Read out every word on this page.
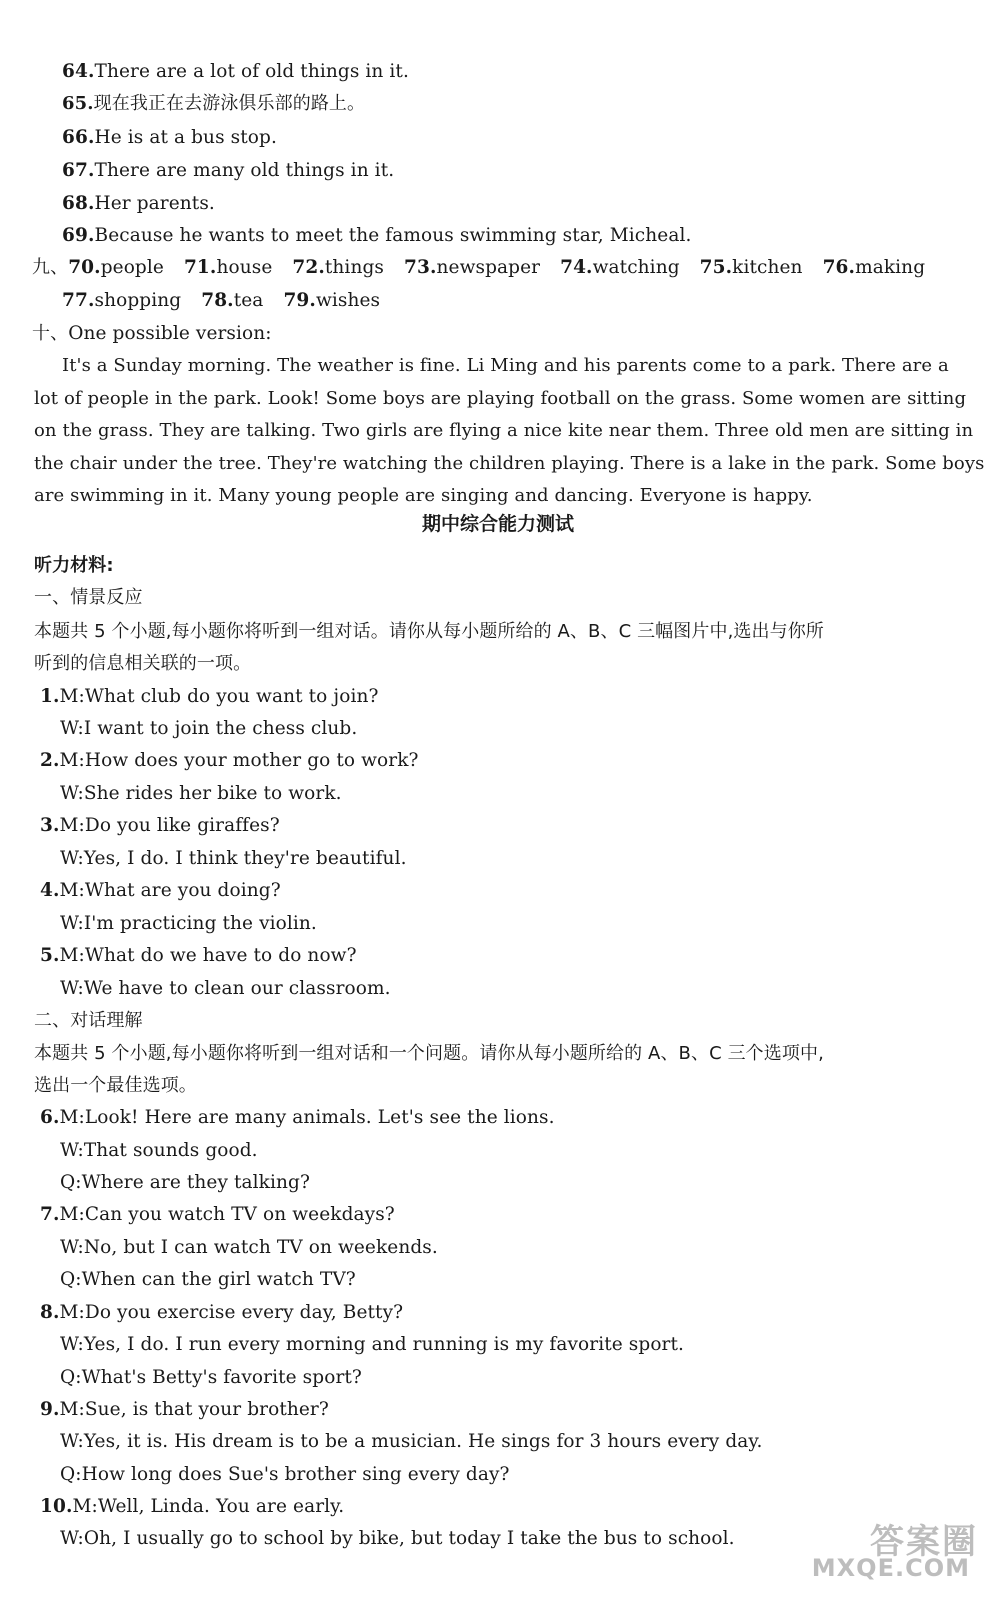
64.There are a lot of old things in it.
65.现在我正在去游泳俱乐部的路上。
66.He is at a bus stop.
67.There are many old things in it.
68.Her parents.
69.Because he wants to meet the famous swimming star, Micheal.
九、70.people 71.house 72.things 73.newspaper 74.watching 75.kitchen 76.making
77.shopping 78.tea 79.wishes
十、One possible version:
It's a Sunday morning. The weather is fine. Li Ming and his parents come to a park. There are a
lot of people in the park. Look! Some boys are playing football on the grass. Some women are sitting
on the grass. They are talking. Two girls are flying a nice kite near them. Three old men are sitting in
the chair under the tree. They're watching the children playing. There is a lake in the park. Some boys
are swimming in it. Many young people are singing and dancing. Everyone is happy.
期中综合能力测试
听力材料:
一、情景反应
本题共 5 个小题,每小题你将听到一组对话。请你从每小题所给的 A、B、C 三幅图片中,选出与你所
听到的信息相关联的一项。
1.M:What club do you want to join?
W:I want to join the chess club.
2.M:How does your mother go to work?
W:She rides her bike to work.
3.M:Do you like giraffes?
W:Yes, I do. I think they're beautiful.
4.M:What are you doing?
W:I'm practicing the violin.
5.M:What do we have to do now?
W:We have to clean our classroom.
二、对话理解
本题共 5 个小题,每小题你将听到一组对话和一个问题。请你从每小题所给的 A、B、C 三个选项中,
选出一个最佳选项。
6.M:Look! Here are many animals. Let's see the lions.
W:That sounds good.
Q:Where are they talking?
7.M:Can you watch TV on weekdays?
W:No, but I can watch TV on weekends.
Q:When can the girl watch TV?
8.M:Do you exercise every day, Betty?
W:Yes, I do. I run every morning and running is my favorite sport.
Q:What's Betty's favorite sport?
9.M:Sue, is that your brother?
W:Yes, it is. His dream is to be a musician. He sings for 3 hours every day.
Q:How long does Sue's brother sing every day?
10.M:Well, Linda. You are early.
W:Oh, I usually go to school by bike, but today I take the bus to school.	答案圈
MXQE.COM
